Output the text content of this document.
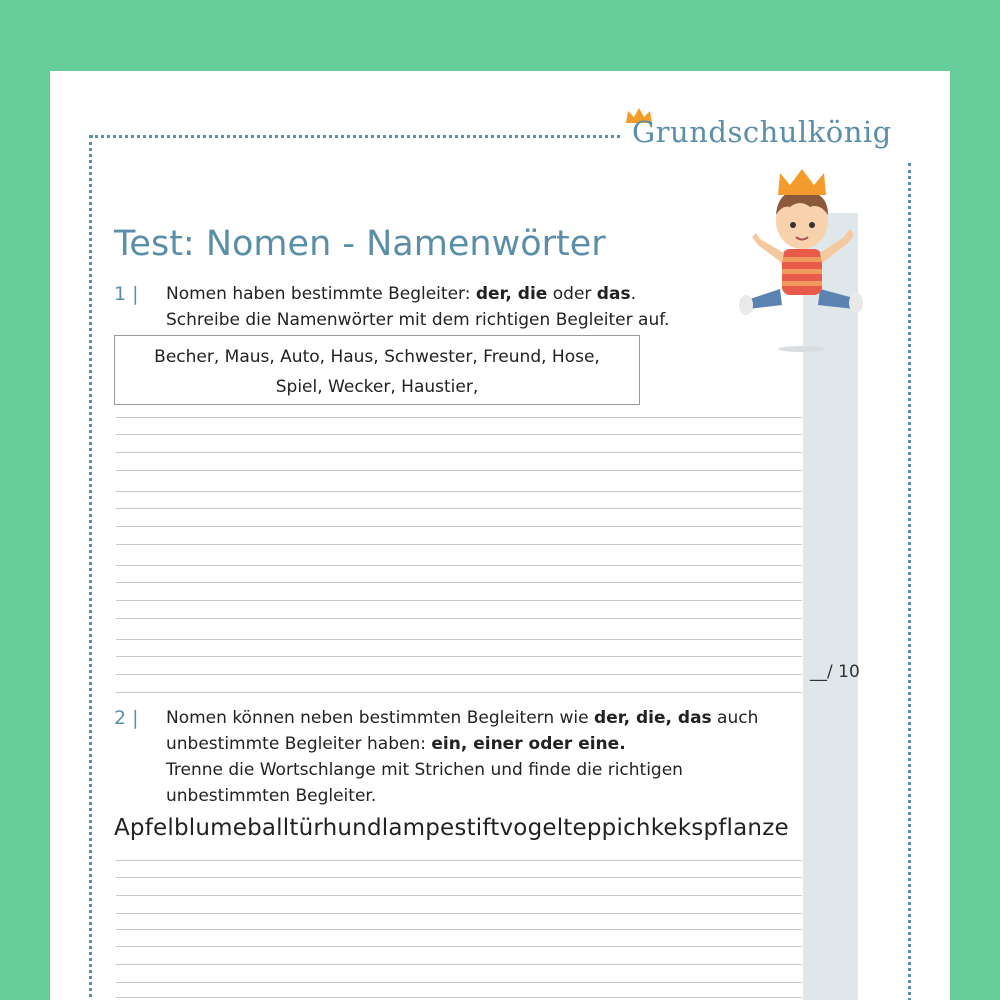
Grundschulkönig
Test: Nomen - Namenwörter
1 | Nomen haben bestimmte Begleiter: der, die oder das.
Schreibe die Namenwörter mit dem richtigen Begleiter auf.
Becher, Maus, Auto, Haus, Schwester, Freund, Hose,
Spiel, Wecker, Haustier,
__/ 10
2 | Nomen können neben bestimmten Begleitern wie der, die, das auch
unbestimmte Begleiter haben: ein, einer oder eine.
Trenne die Wortschlange mit Strichen und finde die richtigen
unbestimmten Begleiter.
Apfelblumeballtürhundlampestiftvogelteppichkekspflanze
